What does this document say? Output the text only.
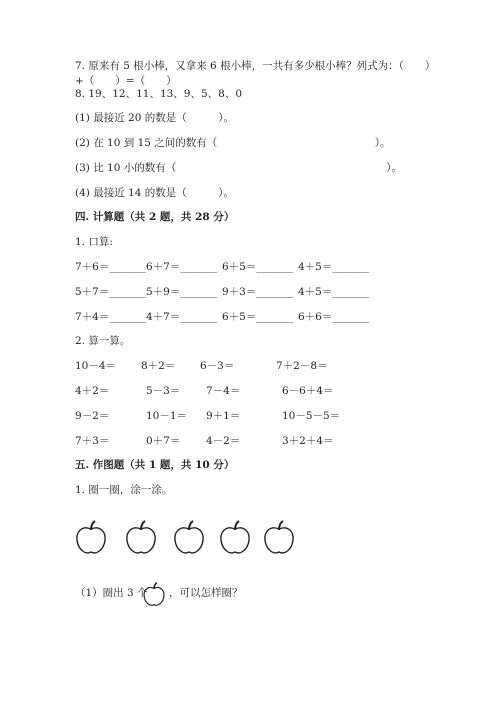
7. 原来有 5 根小棒，又拿来 6 根小棒，一共有多少根小棒？列式为：（　　）
+（　　）=（　　）
8. 19、12、11、13、9、5、8、0
(1) 最接近 20 的数是（　　　）。
(2) 在 10 到 15 之间的数有（　　　　　　　　　　　　　　　）。
(3) 比 10 小的数有（　　　　　　　　　　　　　　　　　　　　）。
(4) 最接近 14 的数是（　　　）。
四. 计算题（共 2 题，共 28 分）
1. 口算:
7＋6＝_______ 6＋7＝_______ 6＋5＝_______ 4＋5＝_______
5＋7＝_______ 5＋9＝_______ 9＋3＝_______ 4＋5＝_______
7＋4＝_______ 4＋7＝_______ 6＋5＝_______ 6＋6＝_______
2. 算一算。
10－4＝ 8＋2＝ 6－3＝	7＋2－8＝
4＋2＝	5－3＝ 7－4＝	6－6＋4＝
9－2＝	10－1＝ 9＋1＝	10－5－5＝
7＋3＝	0＋7＝ 4－2＝	3＋2＋4＝
五. 作图题（共 1 题，共 10 分）
1. 圈一圈，涂一涂。
（1）圈出 3 个 ，可以怎样圈？
